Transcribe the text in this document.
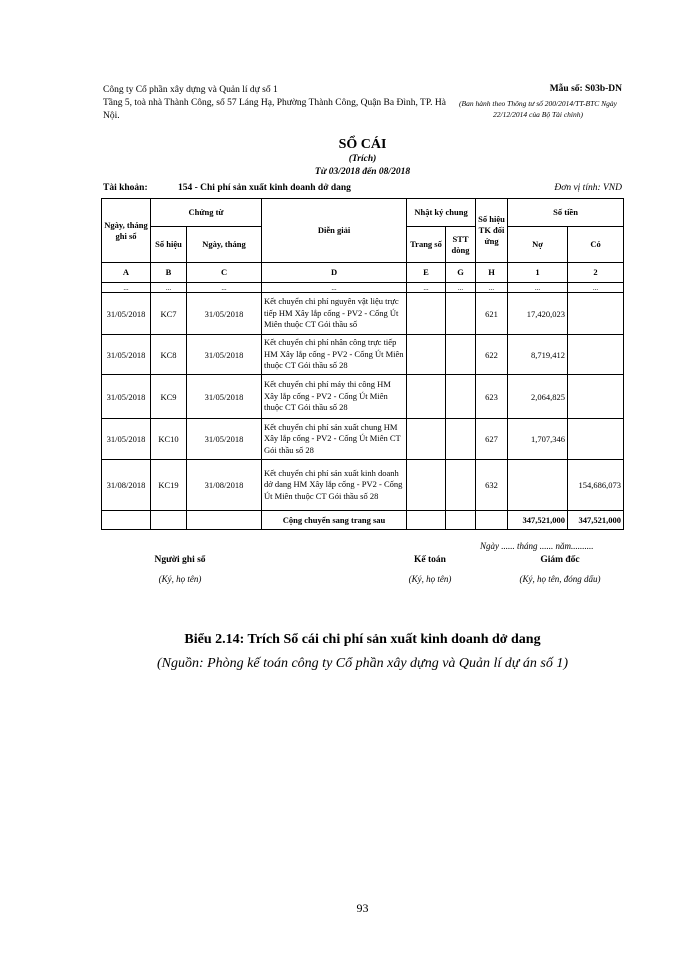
Công ty Cổ phần xây dựng và Quản lí dự số 1
Tầng 5, toà nhà Thành Công, số 57 Láng Hạ, Phường Thành Công, Quận Ba Đình, TP. Hà Nội.
Mẫu số: S03b-DN
(Ban hành theo Thông tư số 200/2014/TT-BTC Ngày 22/12/2014 của Bộ Tài chính)
SỔ CÁI
(Trích)
Từ 03/2018 đến 08/2018
Tài khoản:	154 - Chi phí sản xuất kinh doanh dở dang	Đơn vị tính: VND
Ngày, tháng ghi sổ	Chứng từ		Diễn giải	Nhật ký chung		Số hiệu TK đối ứng	Số tiền	
	Số hiệu	Ngày, tháng		Trang số	STT dòng		Nợ	Có
A	B	C	D	E	G	H	1	2
...	...	...	...	...	...	...	...	...
31/05/2018	KC7	31/05/2018	Kết chuyển chi phí nguyên vật liệu trực tiếp HM Xây lắp cống - PV2 - Cống Út Miên thuộc CT Gói thầu số			621	17,420,023	
31/05/2018	KC8	31/05/2018	Kết chuyển chi phí nhân công trực tiếp HM Xây lắp cống - PV2 - Cống Út Miên thuộc CT Gói thầu số 28			622	8,719,412	
31/05/2018	KC9	31/05/2018	Kết chuyển chi phí máy thi công HM Xây lắp cống - PV2 - Cống Út Miên thuộc CT Gói thầu số 28			623	2,064,825	
31/05/2018	KC10	31/05/2018	Kết chuyển chi phí sản xuất chung HM Xây lắp cống - PV2 - Cống Út Miên CT Gói thầu số 28			627	1,707,346	
31/08/2018	KC19	31/08/2018	Kết chuyển chi phí sản xuất kinh doanh dở dang HM Xây lắp cống - PV2 - Cống Út Miên thuộc CT Gói thầu số 28			632		154,686,073
			Cộng chuyển sang trang sau				347,521,000	347,521,000
Ngày ...... tháng ...... năm..........
Người ghi sổ	Kế toán	Giám đốc
(Ký, họ tên)	(Ký, họ tên)	(Ký, họ tên, đóng dấu)
Biểu 2.14: Trích Sổ cái chi phí sản xuất kinh doanh dở dang
(Nguồn: Phòng kế toán công ty Cổ phần xây dựng và Quản lí dự án số 1)
93
